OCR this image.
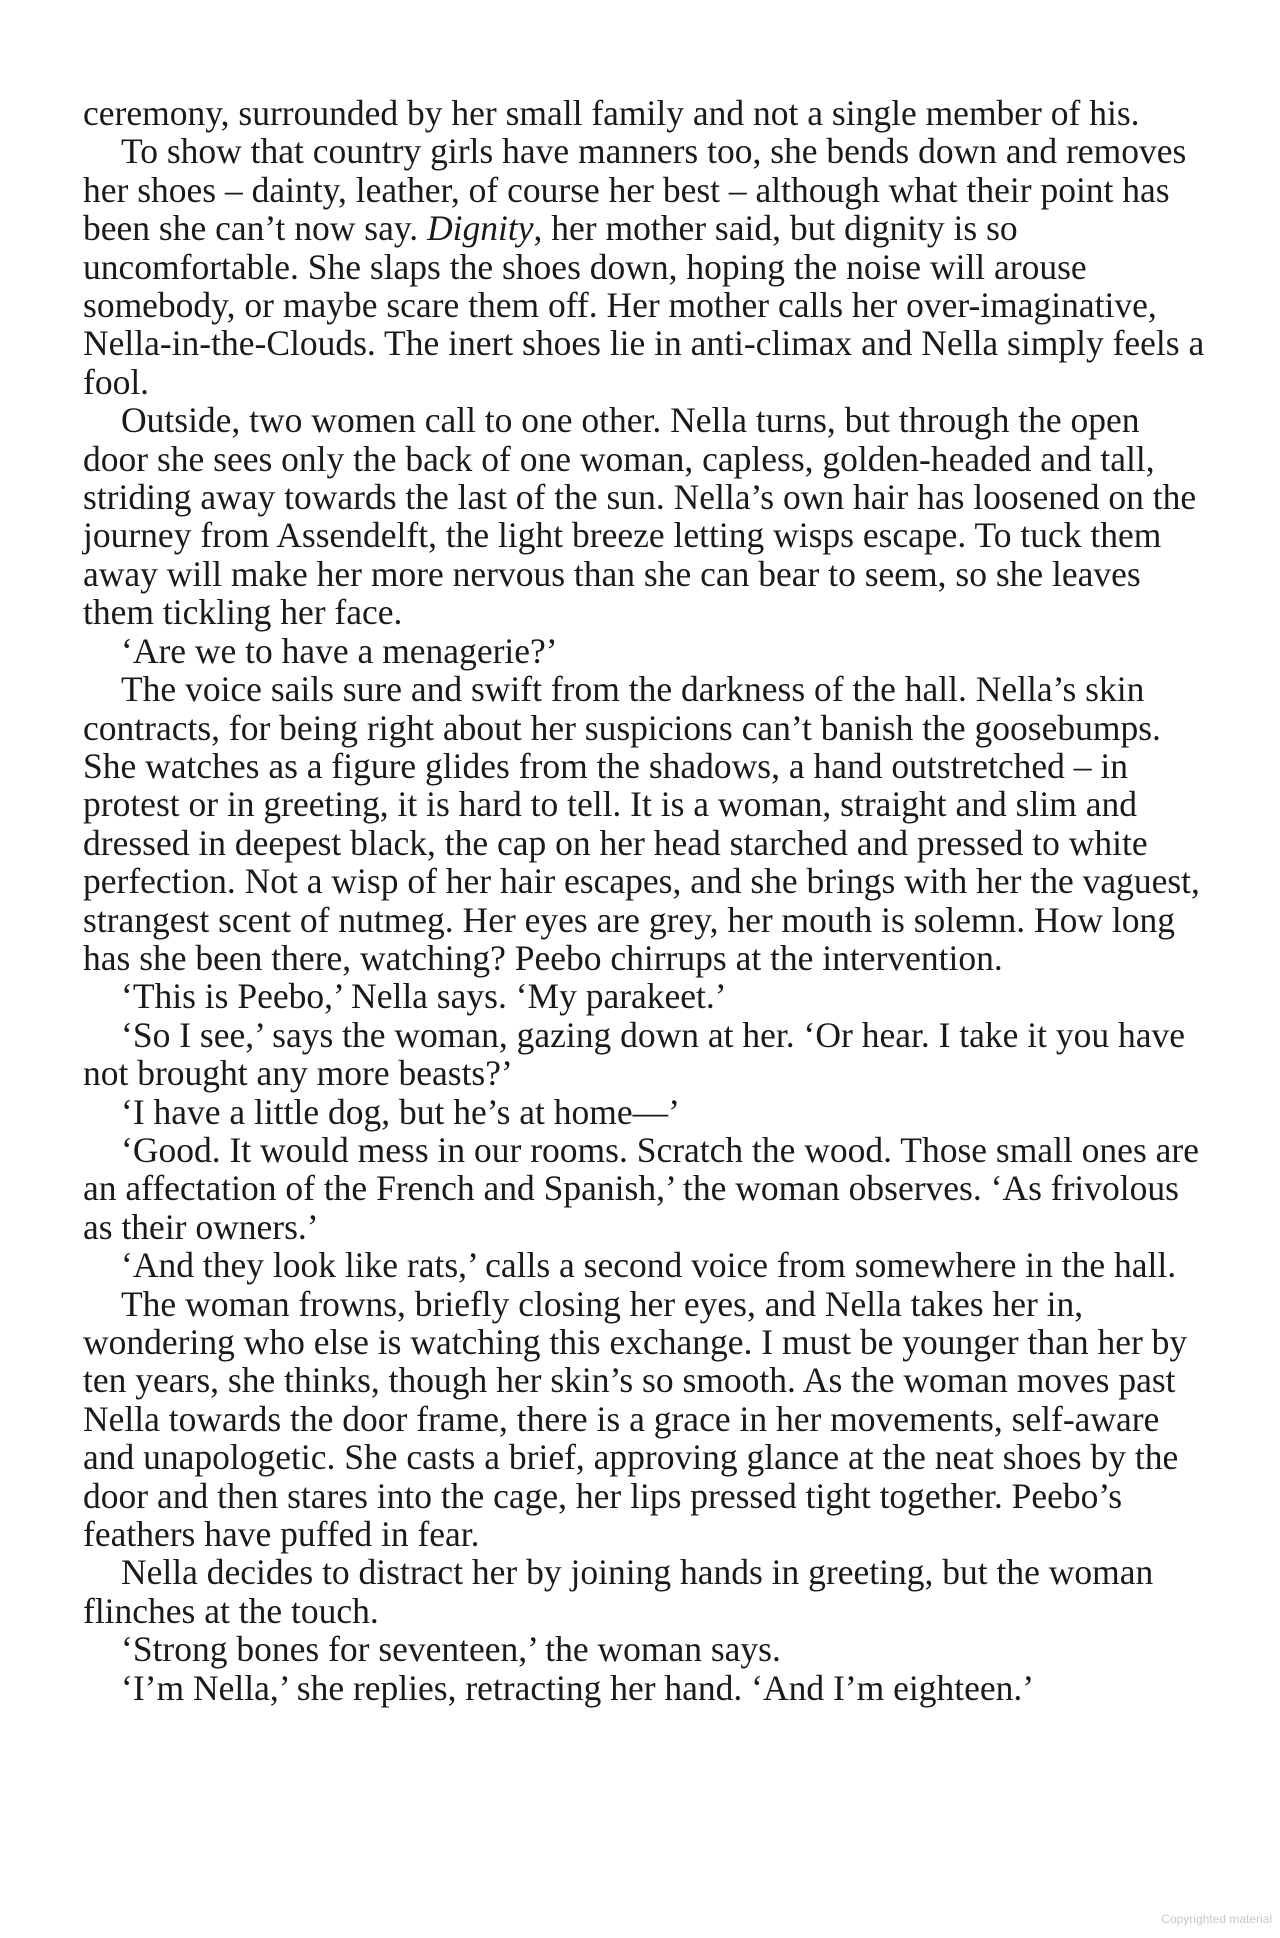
ceremony, surrounded by her small family and not a single member of his.

To show that country girls have manners too, she bends down and removes her shoes – dainty, leather, of course her best – although what their point has been she can’t now say. Dignity, her mother said, but dignity is so uncomfortable. She slaps the shoes down, hoping the noise will arouse somebody, or maybe scare them off. Her mother calls her over-imaginative, Nella-in-the-Clouds. The inert shoes lie in anti-climax and Nella simply feels a fool.

Outside, two women call to one other. Nella turns, but through the open door she sees only the back of one woman, capless, golden-headed and tall, striding away towards the last of the sun. Nella’s own hair has loosened on the journey from Assendelft, the light breeze letting wisps escape. To tuck them away will make her more nervous than she can bear to seem, so she leaves them tickling her face.

‘Are we to have a menagerie?’

The voice sails sure and swift from the darkness of the hall. Nella’s skin contracts, for being right about her suspicions can’t banish the goosebumps. She watches as a figure glides from the shadows, a hand outstretched – in protest or in greeting, it is hard to tell. It is a woman, straight and slim and dressed in deepest black, the cap on her head starched and pressed to white perfection. Not a wisp of her hair escapes, and she brings with her the vaguest, strangest scent of nutmeg. Her eyes are grey, her mouth is solemn. How long has she been there, watching? Peebo chirrups at the intervention.

‘This is Peebo,’ Nella says. ‘My parakeet.’

‘So I see,’ says the woman, gazing down at her. ‘Or hear. I take it you have not brought any more beasts?’

‘I have a little dog, but he’s at home—’

‘Good. It would mess in our rooms. Scratch the wood. Those small ones are an affectation of the French and Spanish,’ the woman observes. ‘As frivolous as their owners.’

‘And they look like rats,’ calls a second voice from somewhere in the hall.

The woman frowns, briefly closing her eyes, and Nella takes her in, wondering who else is watching this exchange. I must be younger than her by ten years, she thinks, though her skin’s so smooth. As the woman moves past Nella towards the door frame, there is a grace in her movements, self-aware and unapologetic. She casts a brief, approving glance at the neat shoes by the door and then stares into the cage, her lips pressed tight together. Peebo’s feathers have puffed in fear.

Nella decides to distract her by joining hands in greeting, but the woman flinches at the touch.

‘Strong bones for seventeen,’ the woman says.

‘I’m Nella,’ she replies, retracting her hand. ‘And I’m eighteen.’

Copyrighted material
